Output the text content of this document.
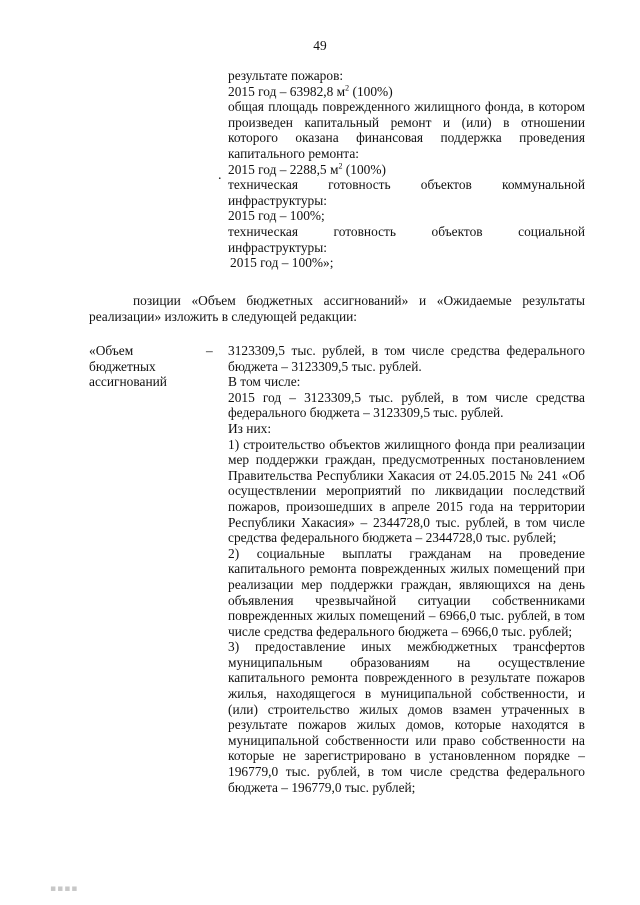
49
.

результате пожаров:

2015 год – 63982,8 $м^2$ (100%)

общая площадь поврежденного жилищного фонда, в котором произведен капитальный ремонт и (или) в отношении которого оказана финансовая поддержка проведения капитального ремонта:

2015 год – 2288,5 $м^2$ (100%)

техническая готовность объектов коммунальной инфраструктуры:

2015 год – 100%;

техническая готовность объектов социальной инфраструктуры:

2015 год – 100%»;

позиции «Объем бюджетных ассигнований» и «Ожидаемые результаты реализации» изложить в следующей редакции:

«Объем бюджетных ассигнований
– 3123309,5 тыс. рублей, в том числе средства федерального бюджета – 3123309,5 тыс. рублей.

В том числе:

2015 год – 3123309,5 тыс. рублей, в том числе средства федерального бюджета – 3123309,5 тыс. рублей.

Из них:

1) строительство объектов жилищного фонда при реализации мер поддержки граждан, предусмотренных постановлением Правительства Республики Хакасия от 24.05.2015 № 241 «Об осуществлении мероприятий по ликвидации последствий пожаров, произошедших в апреле 2015 года на территории Республики Хакасия» – 2344728,0 тыс. рублей, в том числе средства федерального бюджета – 2344728,0 тыс. рублей;

2) социальные выплаты гражданам на проведение капитального ремонта поврежденных жилых помещений при реализации мер поддержки граждан, являющихся на день объявления чрезвычайной ситуации собственниками поврежденных жилых помещений – 6966,0 тыс. рублей, в том числе средства федерального бюджета – 6966,0 тыс. рублей;

3) предоставление иных межбюджетных трансфертов муниципальным образованиям на осуществление капитального ремонта поврежденного в результате пожаров жилья, находящегося в муниципальной собственности, и (или) строительство жилых домов взамен утраченных в результате пожаров жилых домов, которые находятся в муниципальной собственности или право собственности на которые не зарегистрировано в установленном порядке – 196779,0 тыс. рублей, в том числе средства федерального бюджета – 196779,0 тыс. рублей;

▪▪▪▪
